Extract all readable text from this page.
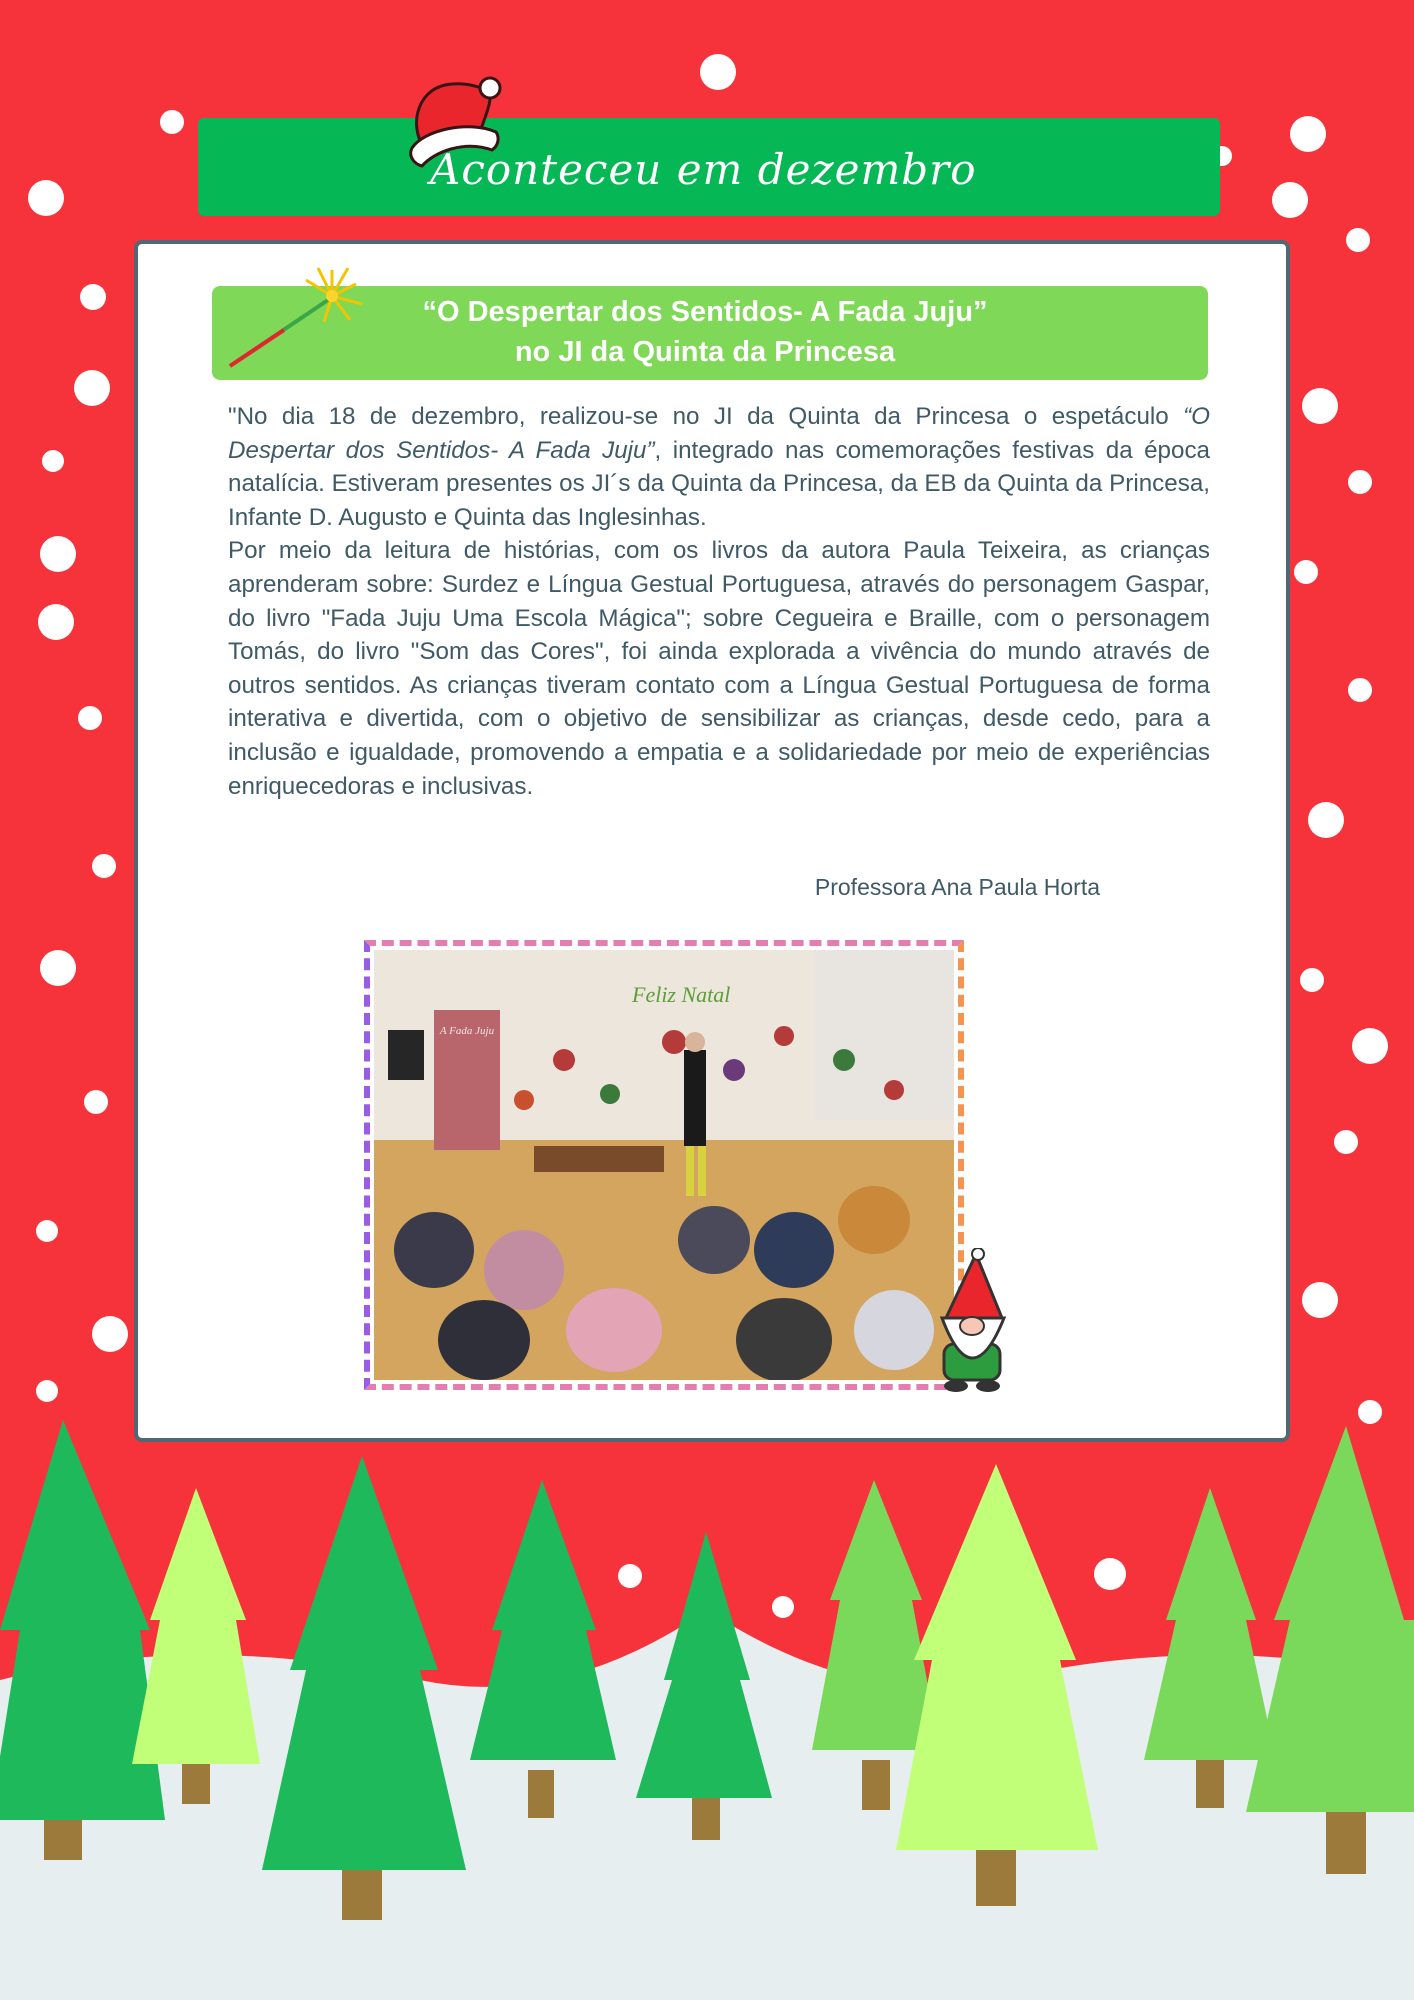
Aconteceu em dezembro
“O Despertar dos Sentidos- A Fada Juju”
no JI da Quinta da Princesa

"No dia 18 de dezembro, realizou-se no JI da Quinta da Princesa o espetáculo “O Despertar dos Sentidos- A Fada Juju”, integrado nas comemorações festivas da época natalícia. Estiveram presentes os JI´s da Quinta da Princesa, da EB da Quinta da Princesa, Infante D. Augusto e Quinta das Inglesinhas.

Por meio da leitura de histórias, com os livros da autora Paula Teixeira, as crianças aprenderam sobre: Surdez e Língua Gestual Portuguesa, através do personagem Gaspar, do livro "Fada Juju Uma Escola Mágica"; sobre Cegueira e Braille, com o personagem Tomás, do livro "Som das Cores", foi ainda explorada a vivência do mundo através de outros sentidos. As crianças tiveram contato com a Língua Gestual Portuguesa de forma interativa e divertida, com o objetivo de sensibilizar as crianças, desde cedo, para a inclusão e igualdade, promovendo a empatia e a solidariedade por meio de experiências enriquecedoras e inclusivas.

Professora Ana Paula Horta
A Fada Juju
Feliz Natal
